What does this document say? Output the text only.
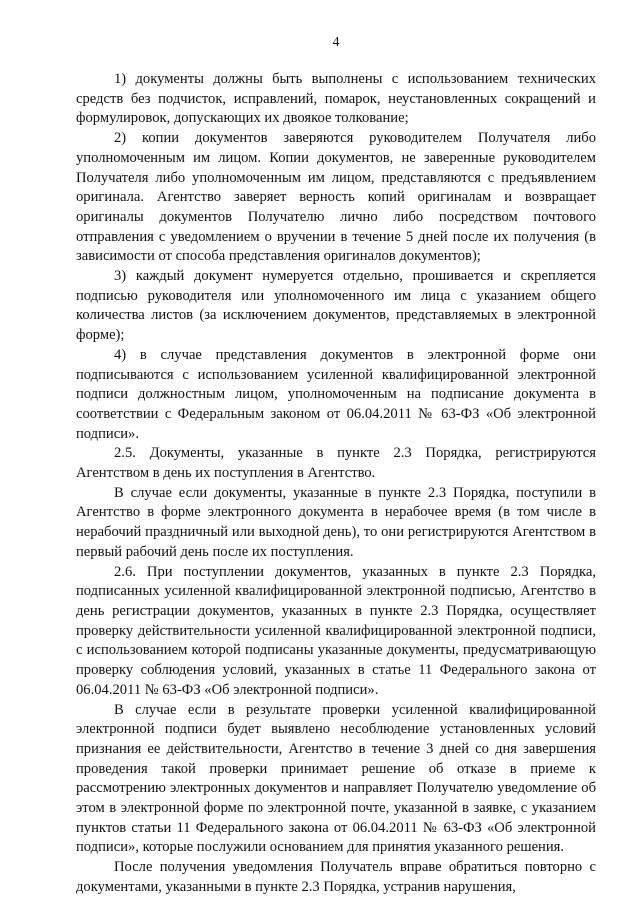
4

1) документы должны быть выполнены с использованием технических средств без подчисток, исправлений, помарок, неустановленных сокращений и формулировок, допускающих их двоякое толкование;

2) копии документов заверяются руководителем Получателя либо уполномоченным им лицом. Копии документов, не заверенные руководителем Получателя либо уполномоченным им лицом, представляются с предъявлением оригинала. Агентство заверяет верность копий оригиналам и возвращает оригиналы документов Получателю лично либо посредством почтового отправления с уведомлением о вручении в течение 5 дней после их получения (в зависимости от способа представления оригиналов документов);

3) каждый документ нумеруется отдельно, прошивается и скрепляется подписью руководителя или уполномоченного им лица с указанием общего количества листов (за исключением документов, представляемых в электронной форме);

4) в случае представления документов в электронной форме они подписываются с использованием усиленной квалифицированной электронной подписи должностным лицом, уполномоченным на подписание документа в соответствии с Федеральным законом от 06.04.2011 № 63-ФЗ «Об электронной подписи».

2.5. Документы, указанные в пункте 2.3 Порядка, регистрируются Агентством в день их поступления в Агентство.

В случае если документы, указанные в пункте 2.3 Порядка, поступили в Агентство в форме электронного документа в нерабочее время (в том числе в нерабочий праздничный или выходной день), то они регистрируются Агентством в первый рабочий день после их поступления.

2.6. При поступлении документов, указанных в пункте 2.3 Порядка, подписанных усиленной квалифицированной электронной подписью, Агентство в день регистрации документов, указанных в пункте 2.3 Порядка, осуществляет проверку действительности усиленной квалифицированной электронной подписи, с использованием которой подписаны указанные документы, предусматривающую проверку соблюдения условий, указанных в статье 11 Федерального закона от 06.04.2011 № 63-ФЗ «Об электронной подписи».

В случае если в результате проверки усиленной квалифицированной электронной подписи будет выявлено несоблюдение установленных условий признания ее действительности, Агентство в течение 3 дней со дня завершения проведения такой проверки принимает решение об отказе в приеме к рассмотрению электронных документов и направляет Получателю уведомление об этом в электронной форме по электронной почте, указанной в заявке, с указанием пунктов статьи 11 Федерального закона от 06.04.2011 № 63-ФЗ «Об электронной подписи», которые послужили основанием для принятия указанного решения.

После получения уведомления Получатель вправе обратиться повторно с документами, указанными в пункте 2.3 Порядка, устранив нарушения,
